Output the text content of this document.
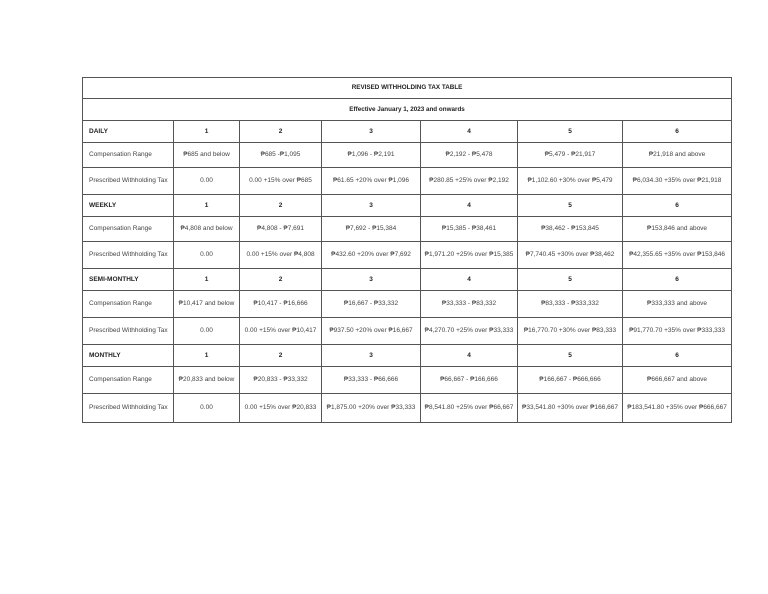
REVISED WITHHOLDING TAX TABLE						
Effective January 1, 2023 and onwards						
DAILY	1	2	3	4	5	6
Compensation Range	₱685 and below	₱685 -₱1,095	₱1,096 - ₱2,191	₱2,192 - ₱5,478	₱5,479 - ₱21,917	₱21,918 and above
Prescribed Withholding Tax	0.00	0.00 +15% over ₱685	₱61.65 +20% over ₱1,096	₱280.85 +25% over ₱2,192	₱1,102.60 +30% over ₱5,479	₱6,034.30 +35% over ₱21,918
WEEKLY	1	2	3	4	5	6
Compensation Range	₱4,808 and below	₱4,808 - ₱7,691	₱7,692 - ₱15,384	₱15,385 - ₱38,461	₱38,462 - ₱153,845	₱153,846 and above
Prescribed Withholding Tax	0.00	0.00 +15% over ₱4,808	₱432.60 +20% over ₱7,692	₱1,971.20 +25% over ₱15,385	₱7,740.45 +30% over ₱38,462	₱42,355.65 +35% over ₱153,846
SEMI-MONTHLY	1	2	3	4	5	6
Compensation Range	₱10,417 and below	₱10,417 - ₱16,666	₱16,667 - ₱33,332	₱33,333 - ₱83,332	₱83,333 - ₱333,332	₱333,333 and above
Prescribed Withholding Tax	0.00	0.00 +15% over ₱10,417	₱937.50 +20% over ₱16,667	₱4,270.70 +25% over ₱33,333	₱16,770.70 +30% over ₱83,333	₱91,770.70 +35% over ₱333,333
MONTHLY	1	2	3	4	5	6
Compensation Range	₱20,833 and below	₱20,833 - ₱33,332	₱33,333 - ₱66,666	₱66,667 - ₱166,666	₱166,667 - ₱666,666	₱666,667 and above
Prescribed Withholding Tax	0.00	0.00 +15% over ₱20,833	₱1,875.00 +20% over ₱33,333	₱8,541.80 +25% over ₱66,667	₱33,541.80 +30% over ₱166,667	₱183,541.80 +35% over ₱666,667
